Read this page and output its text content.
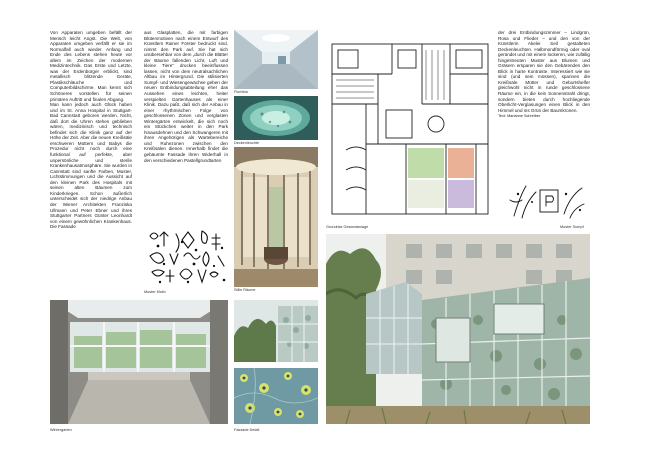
Von Apparaten umgeben befällt der Mensch leicht Angst. Die Welt, von Apparaten umgeben verfällt er sie im Normalfall auch wieder. Anfang und Ende des Lebens stehen heute vor allem im Zeichen der modernen Medizintechnik. Das Erste und Letzte, was der Erdenbürger erblickt, sind metallisch blitzende Geräte, Plastikschläuche und Computerbildschirme. Man kennt sich Schöneres vorstellen für seinen primären Auftritt und finalen Abgang.

Man kann jedoch auch Glück haben und im St. Anna Hospital in Stuttgart-Bad Cannstatt geboren werden. Nicht, daß dort die Uhren stehen geblieben wären, medizinisch und technisch befindet sich die Klinik ganz auf der Höhe der Zeit. Aber die neuen Kreißsäle erschweren Müttern und Babys die Prozedur nicht noch durch eine funktional auf perfekte, aber unpersönliche und sterile Krankenhausatmosphäre. Sie wurden in Cannstatt sind sanfte Farben, Muster, Lichtstimmungen und die Aussicht auf den kleinen Park des Hospitals mit seinen alten Bäumen zum Kinderkriegen. Schon äußerlich unterscheidet sich der niedrige Anbau der Wiener Architekten Franziska Ullmann und Peter Ebner und ihres Stuttgarter Partners Günter Leonhardt von einem gewöhnlichen Krankenhaus. Die Fassade

aus Glasplatten, die mit farbigen Blütenmotiven nach einem Entwurf des Künstlers Rainer Förster bedruckt sind, nimmt den Park auf. Sie hat sich unübersehbar von dem „durch die Blätter der Bäume fallenden Licht, Luft und kleine Tiere“ drucken beeinflussen lassen, nicht von dem neutralsachlichen Altbau im Hintergrund. Die stilisierten Sumpf- und Wiesengewächse geben der neuen Entbindungsabteilung eher das Aussehen eines leichten, heiter verspielten Gartenhauses als einer Klinik. Dazu paßt, daß sich der Anbau in einer rhythmischen Folge von geschlossenen Zonen und verglasten Wintergärten entwickelt, die sich noch ein Stückchen weiter in den Park hinausdehnen und den Schwangeren mit ihren Angehörigen als Wartebereiche und Ruhezonen zwischen den Kreißsälen dienen. Innerhalb findet die gebäumte Fassade ihren Widerhall in den verschiedenen Pastellgrundtarten

der drei Entbindungszimmer – Lindgrün, Rosa und Flieder – und den von der Künstlerin Akelei Seil gestalteten Deckenleuchten. Halbmondförmig oder oval geründet und mit einem lockeren, wie zufällig hingestreuten Muster aus Blumen und Gräsern ersparen sie den Gebärenden den Blick in harte Kontraste. Interessiert wie sie sind (und sein müssen), spannen die Kreißsäle Mütter und Geburtshelfer gleichwohl nicht in runde geschlossene Räume ein, in die kein Sonnenstrahl dringt, sondern bieten durch hochliegende Oberlicht-Verglasungen einen Blick in den Himmel und ins Grün der Baumkronen.

Text: Marianne Schreiber

Muster Motiv
Flurblick
Deckenleuchte
Stille Räume
Grundriss Gesamtanlage	Muster Sumpf
Wintergarten	Fassade Detail
